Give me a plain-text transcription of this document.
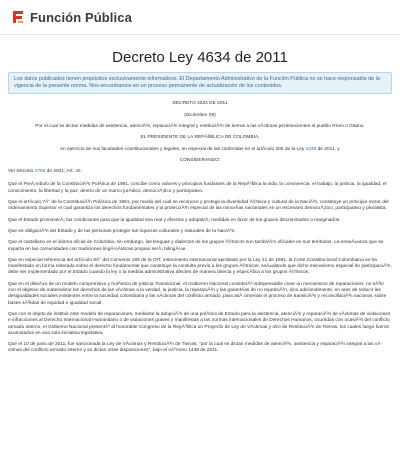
Función Pública
Decreto Ley 4634 de 2011
Los datos publicados tienen propósitos exclusivamente informativos. El Departamento Administrativo de la Función Pública no se hace responsable de la vigencia de la presente norma. Nos encontramos en un proceso permanente de actualización de los contenidos.

DECRETO 4634 DE 2011

(Diciembre 09)

Por el cual se dictan medidas de asistencia, atenciÃ³n, reparaciÃ³n integral y restituciÃ³n de tierras a las vÃctimas pertenecientes al pueblo Rrom o Gitano.

EL PRESIDENTE DE LA REPÃšBLICA DE COLOMBIA,

en ejercicio de sus facultades constitucionales y legales, en especial de las conferidas en el artÃculo 205 de la Ley 1448 de 2011, y

CONSIDERANDO:

Ver Decreto 1793 de 2021; Art. 48.

Que el PreÃ¡mbulo de la ConstituciÃ³n PolÃtica de 1991, concibe como valores y principios fundantes de la RepÃºblica la vida, la convivencia, el trabajo, la justicia, la igualdad, el conocimiento, la libertad y la paz, dentro de un marco jurÃdico, democrÃ¡tico y participativo.

Que el artÃculo 7Â° de la ConstituciÃ³n PolÃtica de 1991, por medio del cual se reconoce y protege la diversidad Ã©tnica y cultural de la NaciÃ³n, constituye un principio rector del ordenamiento Superior el cual garantiza los derechos fundamentales y la protecciÃ³n especial de las minorÃas nacionales en un escenario democrÃ¡tico, participativo y pluralista.

Que el Estado promoverÃ¡ las condiciones para que la igualdad sea real y efectiva y adoptarÃ¡ medidas en favor de los grupos discriminados o marginados.

Que es obligaciÃ³n del Estado y de las personas proteger las riquezas culturales y naturales de la NaciÃ³n.

Que el castellano es el idioma oficial de Colombia, sin embargo, las lenguas y dialectos de los grupos Ã©tnicos son tambiÃ©n oficiales en sus territorios. La enseÃ±anza que se imparta en las comunidades con tradiciones lingÃ¼Ãsticas propias serÃ¡ bilingÃ¼e.

Que en especial referencia del artÃculo 6Â° del Convenio 169 de la OIT, instrumento internacional aprobado por la Ley 21 de 1991, la Corte Constitucional Colombiana se ha manifestado en forma reiterada sobre el derecho fundamental que constituye la consulta previa a los grupos Ã©tnicos, seÃ±alando que dicho mecanismo especial de participaciÃ³n, debe ser implementado por el Estado cuando la ley o la medida administrativa afecten de manera directa y especÃfica a los grupos Ã©tnicos.

Que en el diseÃ±o de un modelo comprensivo y holÃstico de justicia Transicional, el Gobierno Nacional considerÃ³ indispensable crear un mecanismo de reparaciones, no sÃ³lo con el objetivo de materializar los derechos de las vÃctimas a la verdad, la justicia, la reparaciÃ³n y las garantÃas de no repeticiÃ³n, sino adicionalmente, en aras de reducir las desigualdades sociales existentes entre la sociedad colombiana y las vÃctimas del conflicto armado, para asÃ cimentar el proceso de transiciÃ³n y reconciliaciÃ³n nacional, sobre bases sÃ³lidas de equidad e igualdad social.

Que con el objeto de instituir este modelo de reparaciones, mediante la adopciÃ³n de una polÃtica de Estado para la asistencia, atenciÃ³n y reparaciÃ³n de vÃctimas de violaciones e infracciones al Derecho Internacional Humanitario o de violaciones graves y manifiestas a las normas internacionales de Derechos Humanos, ocurridas con ocasiÃ³n del conflicto armado interno, el Gobierno Nacional presentÃ³ al honorable Congreso de la RepÃºblica un Proyecto de Ley de VÃctimas y otro de RestituciÃ³n de Tierras, los cuales luego fueron acumulados en una sola iniciativa legislativa.

Que el 10 de junio de 2011, fue sancionada la Ley de VÃctimas y RestituciÃ³n de Tierras, "por la cual se dictan medidas de atenciÃ³n, asistencia y reparaciÃ³n integral a las vÃctimas del conflicto armado interno y se dictan otras disposiciones", bajo el nÃºmero 1448 de 2011.
